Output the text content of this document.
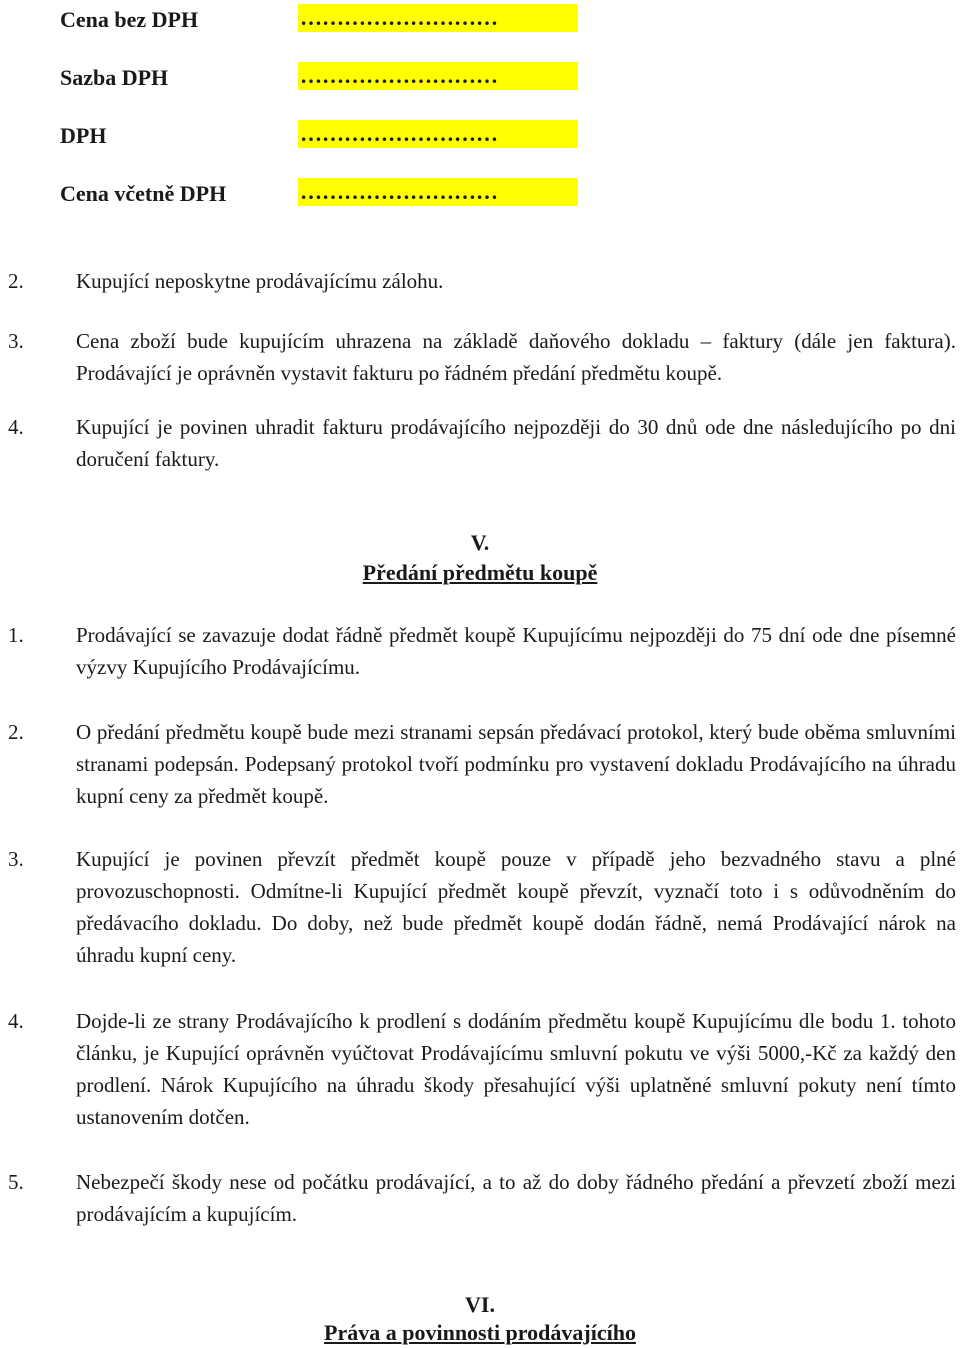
Cena bez DPH	………………………
Sazba DPH	………………………
DPH	………………………
Cena včetně DPH	………………………
2. Kupující neposkytne prodávajícímu zálohu.
3. Cena zboží bude kupujícím uhrazena na základě daňového dokladu – faktury (dále jen faktura). Prodávající je oprávněn vystavit fakturu po řádném předání předmětu koupě.
4. Kupující je povinen uhradit fakturu prodávajícího nejpozději do 30 dnů ode dne následujícího po dni doručení faktury.
V.
Předání předmětu koupě
1. Prodávající se zavazuje dodat řádně předmět koupě Kupujícímu nejpozději do 75 dní ode dne písemné výzvy Kupujícího Prodávajícímu.
2. O předání předmětu koupě bude mezi stranami sepsán předávací protokol, který bude oběma smluvními stranami podepsán. Podepsaný protokol tvoří podmínku pro vystavení dokladu Prodávajícího na úhradu kupní ceny za předmět koupě.
3. Kupující je povinen převzít předmět koupě pouze v případě jeho bezvadného stavu a plné provozuschopnosti. Odmítne-li Kupující předmět koupě převzít, vyznačí toto i s odůvodněním do předávacího dokladu. Do doby, než bude předmět koupě dodán řádně, nemá Prodávající nárok na úhradu kupní ceny.
4. Dojde-li ze strany Prodávajícího k prodlení s dodáním předmětu koupě Kupujícímu dle bodu 1. tohoto článku, je Kupující oprávněn vyúčtovat Prodávajícímu smluvní pokutu ve výši 5000,-Kč za každý den prodlení. Nárok Kupujícího na úhradu škody přesahující výši uplatněné smluvní pokuty není tímto ustanovením dotčen.
5. Nebezpečí škody nese od počátku prodávající, a to až do doby řádného předání a převzetí zboží mezi prodávajícím a kupujícím.
VI.
Práva a povinnosti prodávajícího
